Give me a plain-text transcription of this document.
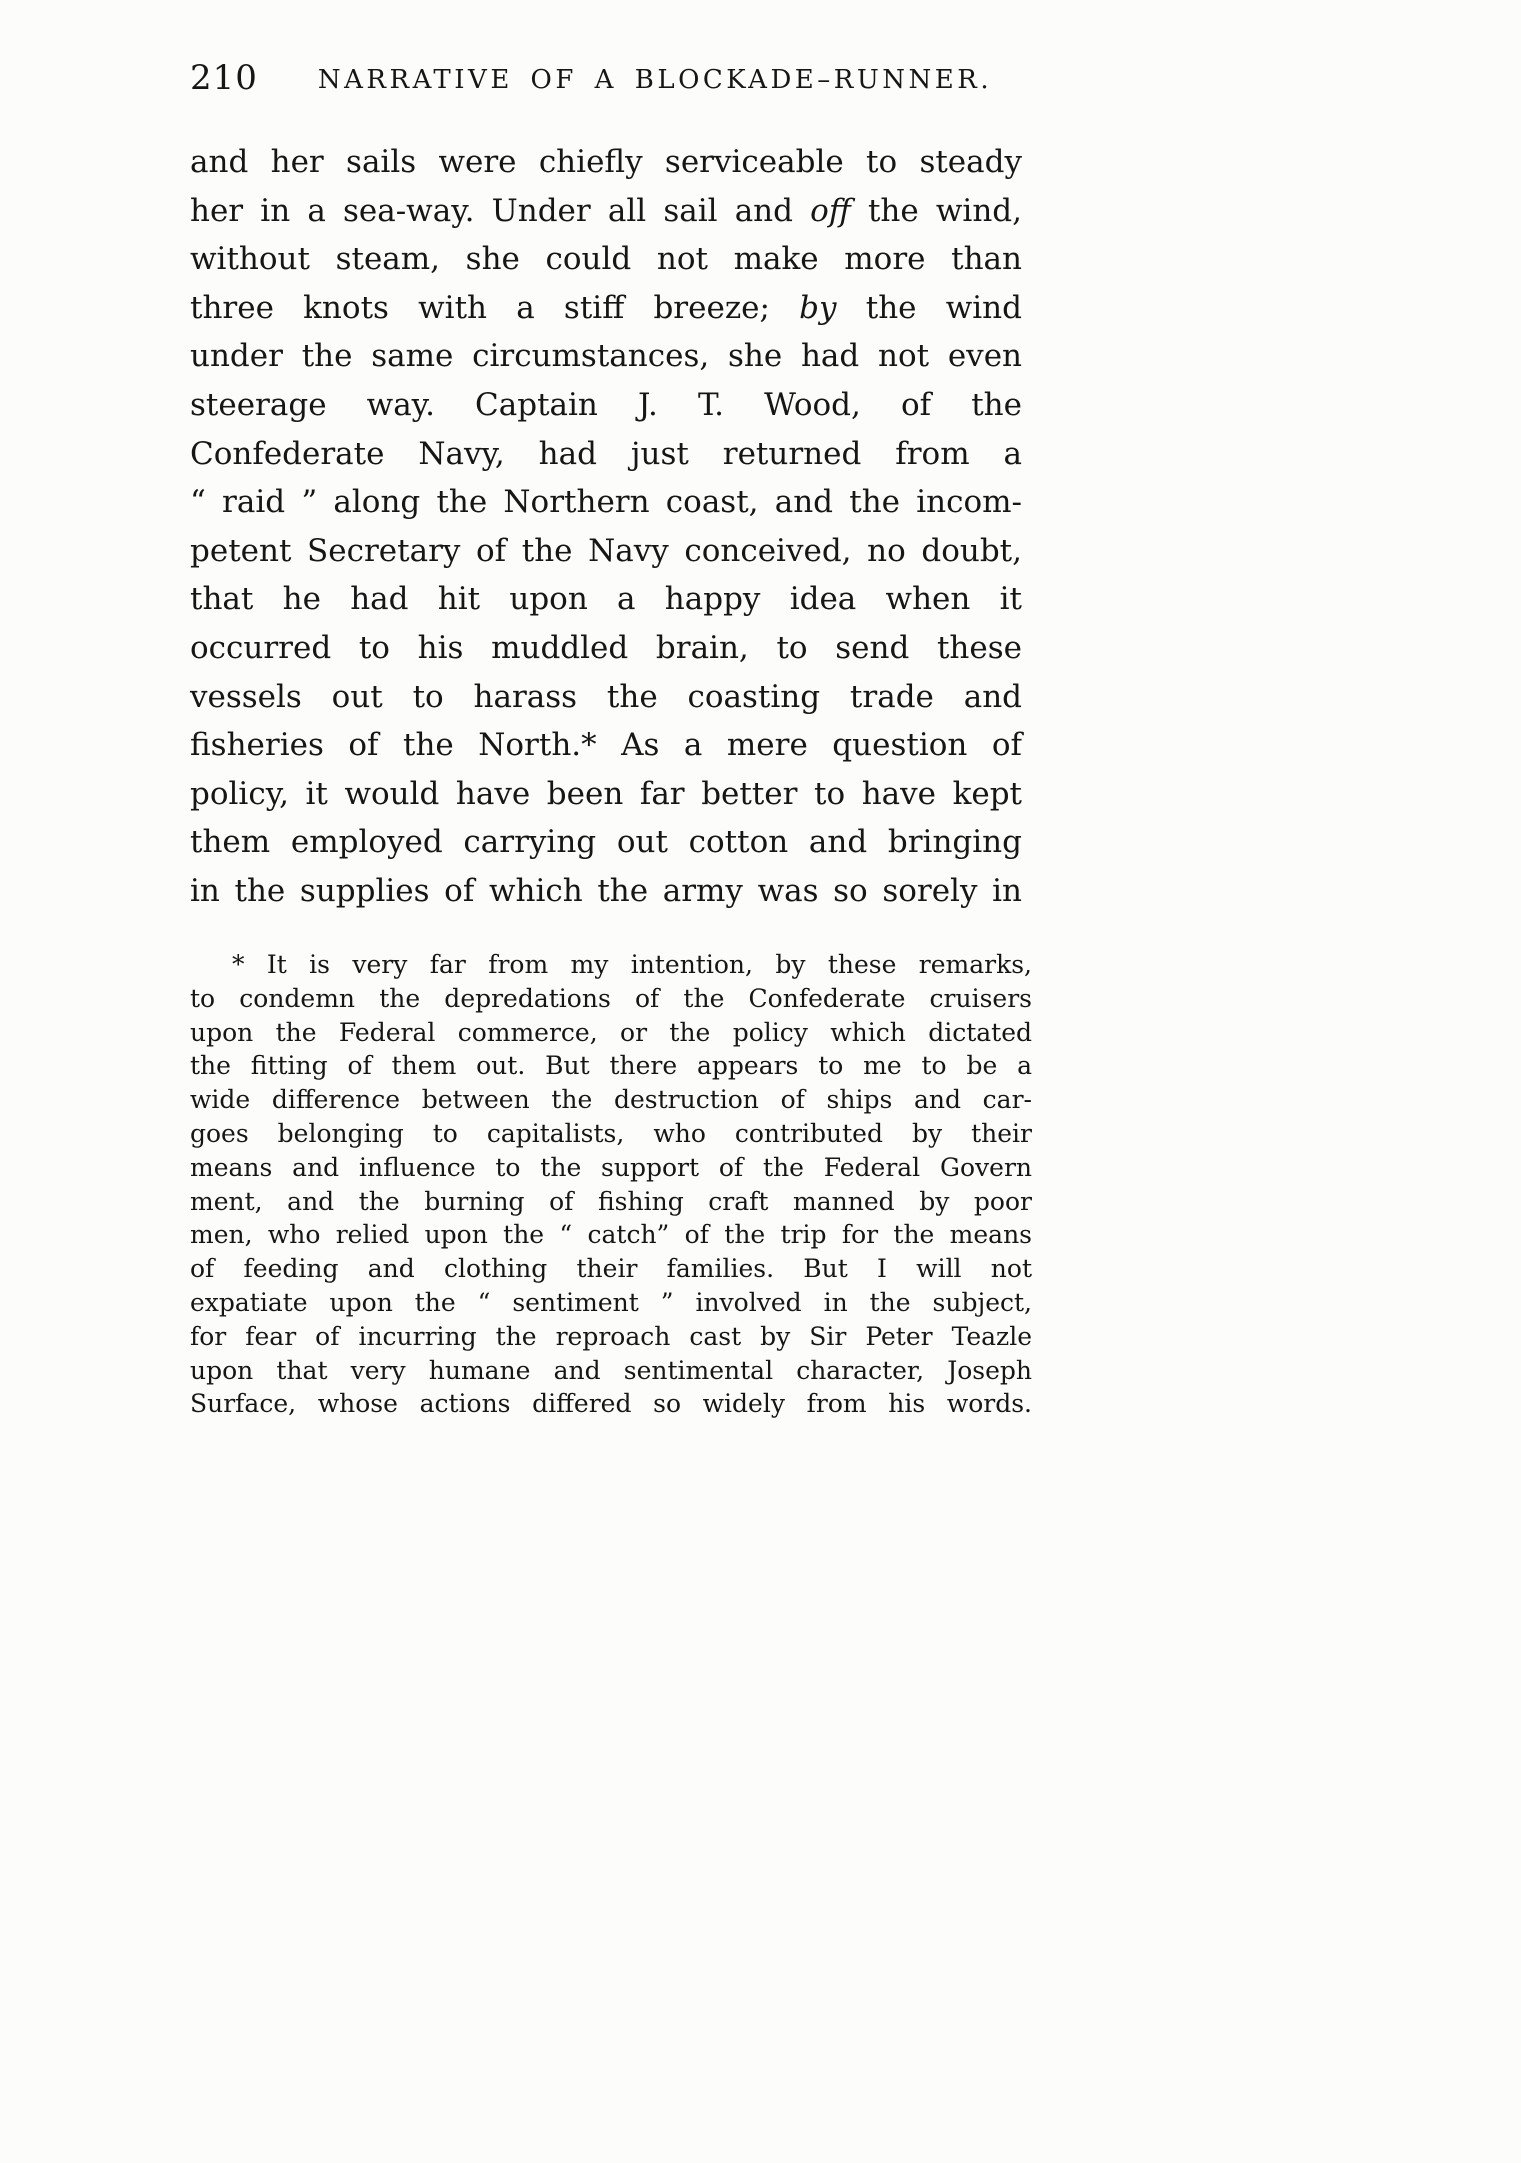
210	NARRATIVE OF A BLOCKADE–RUNNER.
and her sails were chiefly serviceable to steady
her in a sea-way. Under all sail and off the wind,
without steam, she could not make more than
three knots with a stiff breeze; by the wind
under the same circumstances, she had not even
steerage way. Captain J. T. Wood, of the
Confederate Navy, had just returned from a
“ raid ” along the Northern coast, and the incom-
petent Secretary of the Navy conceived, no doubt,
that he had hit upon a happy idea when it
occurred to his muddled brain, to send these
vessels out to harass the coasting trade and
fisheries of the North.* As a mere question of
policy, it would have been far better to have kept
them employed carrying out cotton and bringing
in the supplies of which the army was so sorely in
* It is very far from my intention, by these remarks,
to condemn the depredations of the Confederate cruisers
upon the Federal commerce, or the policy which dictated
the fitting of them out. But there appears to me to be a
wide difference between the destruction of ships and car-
goes belonging to capitalists, who contributed by their
means and influence to the support of the Federal Govern
ment, and the burning of fishing craft manned by poor
men, who relied upon the “ catch” of the trip for the means
of feeding and clothing their families. But I will not
expatiate upon the “ sentiment ” involved in the subject,
for fear of incurring the reproach cast by Sir Peter Teazle
upon that very humane and sentimental character, Joseph
Surface, whose actions differed so widely from his words.
